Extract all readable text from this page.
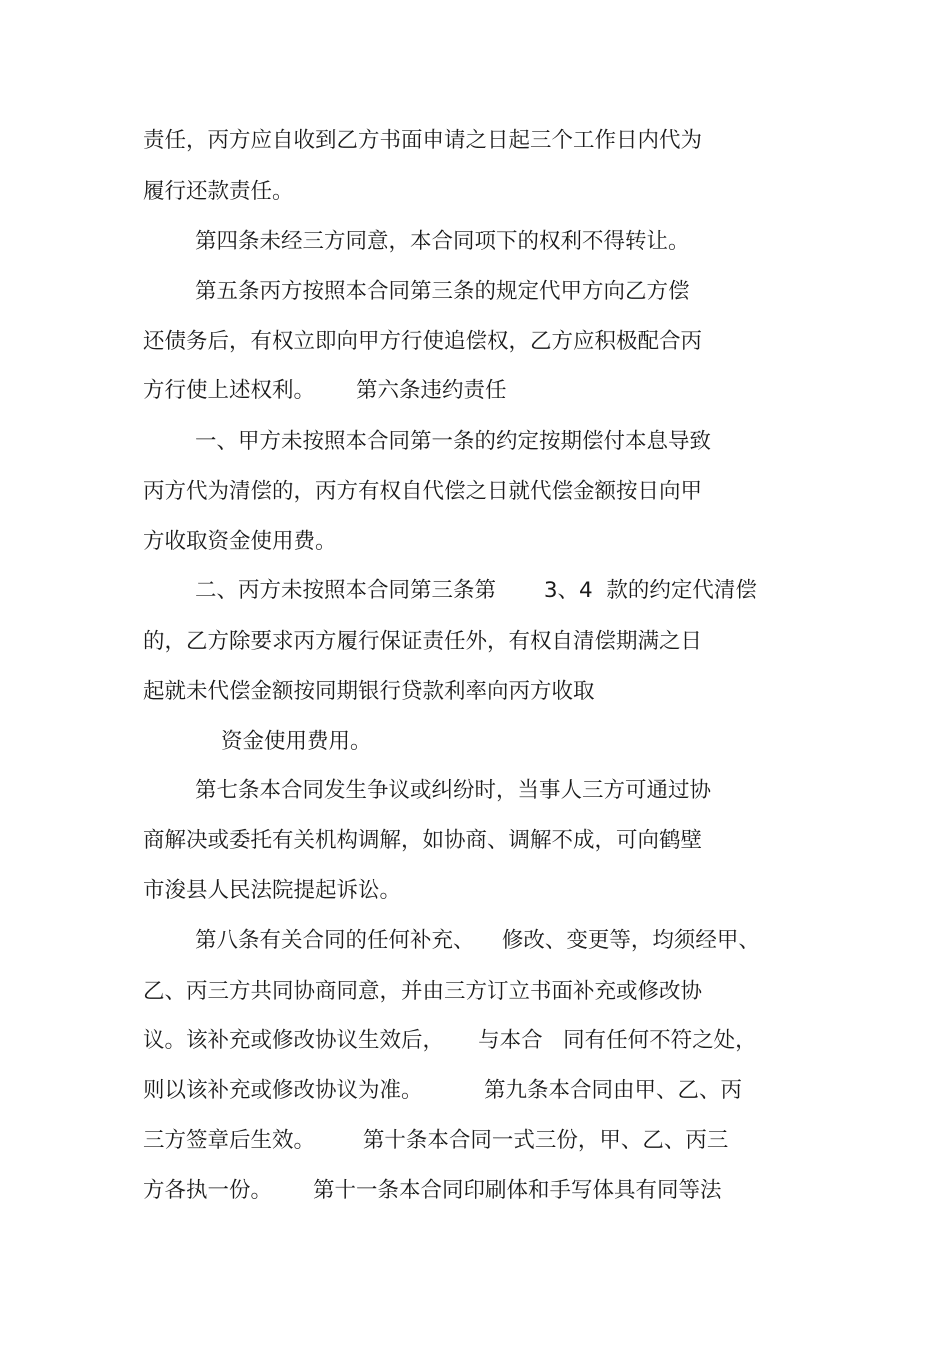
责任，丙方应自收到乙方书面申请之日起三个工作日内代为
履行还款责任。
第四条未经三方同意，本合同项下的权利不得转让。
第五条丙方按照本合同第三条的规定代甲方向乙方偿
还债务后，有权立即向甲方行使追偿权，乙方应积极配合丙
方行使上述权利。      第六条违约责任
一、甲方未按照本合同第一条的约定按期偿付本息导致
丙方代为清偿的，丙方有权自代偿之日就代偿金额按日向甲
方收取资金使用费。
二、丙方未按照本合同第三条第       3、4  款的约定代清偿
的，乙方除要求丙方履行保证责任外，有权自清偿期满之日
起就未代偿金额按同期银行贷款利率向丙方收取
资金使用费用。
第七条本合同发生争议或纠纷时，当事人三方可通过协
商解决或委托有关机构调解，如协商、调解不成，可向鹤壁
市浚县人民法院提起诉讼。
第八条有关合同的任何补充、    修改、变更等，均须经甲、
乙、丙三方共同协商同意，并由三方订立书面补充或修改协
议。该补充或修改协议生效后，     与本合   同有任何不符之处，
则以该补充或修改协议为准。         第九条本合同由甲、乙、丙
三方签章后生效。       第十条本合同一式三份，甲、乙、丙三
方各执一份。      第十一条本合同印刷体和手写体具有同等法
